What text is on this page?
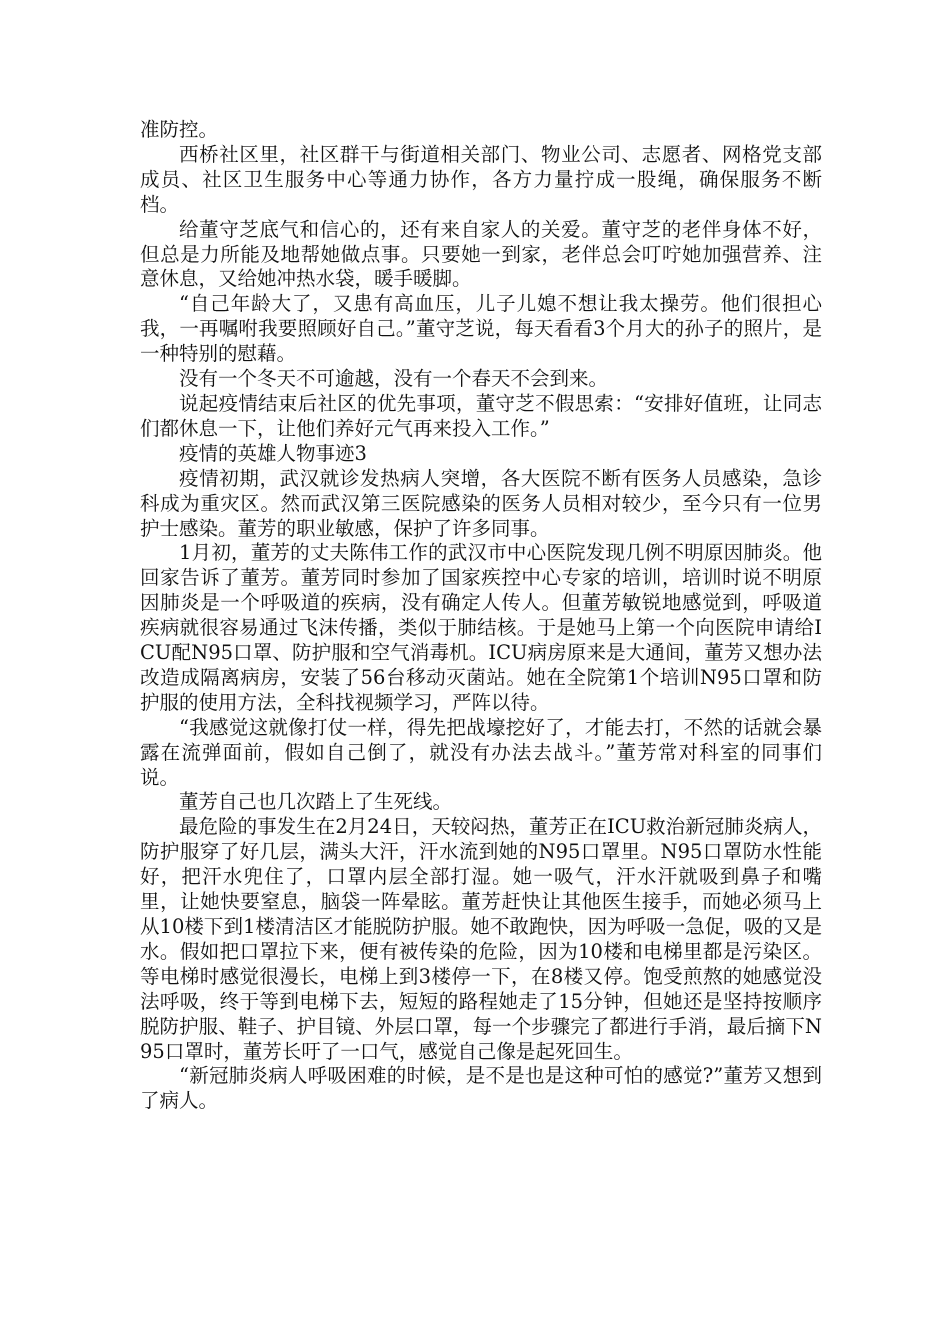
准防控。

西桥社区里，社区群干与街道相关部门、物业公司、志愿者、网格党支部成员、社区卫生服务中心等通力协作，各方力量拧成一股绳，确保服务不断档。

给董守芝底气和信心的，还有来自家人的关爱。董守芝的老伴身体不好，但总是力所能及地帮她做点事。只要她一到家，老伴总会叮咛她加强营养、注意休息，又给她冲热水袋，暖手暖脚。

“自己年龄大了，又患有高血压，儿子儿媳不想让我太操劳。他们很担心我，一再嘱咐我要照顾好自己。”董守芝说，每天看看3个月大的孙子的照片，是一种特别的慰藉。

没有一个冬天不可逾越，没有一个春天不会到来。

说起疫情结束后社区的优先事项，董守芝不假思索：“安排好值班，让同志们都休息一下，让他们养好元气再来投入工作。”

疫情的英雄人物事迹3

疫情初期，武汉就诊发热病人突增，各大医院不断有医务人员感染，急诊科成为重灾区。然而武汉第三医院感染的医务人员相对较少，至今只有一位男护士感染。董芳的职业敏感，保护了许多同事。

1月初，董芳的丈夫陈伟工作的武汉市中心医院发现几例不明原因肺炎。他回家告诉了董芳。董芳同时参加了国家疾控中心专家的培训，培训时说不明原因肺炎是一个呼吸道的疾病，没有确定人传人。但董芳敏锐地感觉到，呼吸道疾病就很容易通过飞沫传播，类似于肺结核。于是她马上第一个向医院申请给ICU配N95口罩、防护服和空气消毒机。ICU病房原来是大通间，董芳又想办法改造成隔离病房，安装了56台移动灭菌站。她在全院第1个培训N95口罩和防护服的使用方法，全科找视频学习，严阵以待。

“我感觉这就像打仗一样，得先把战壕挖好了，才能去打，不然的话就会暴露在流弹面前，假如自己倒了，就没有办法去战斗。”董芳常对科室的同事们说。

董芳自己也几次踏上了生死线。

最危险的事发生在2月24日，天较闷热，董芳正在ICU救治新冠肺炎病人，防护服穿了好几层，满头大汗，汗水流到她的N95口罩里。N95口罩防水性能好，把汗水兜住了，口罩内层全部打湿。她一吸气，汗水汗就吸到鼻子和嘴里，让她快要窒息，脑袋一阵晕眩。董芳赶快让其他医生接手，而她必须马上从10楼下到1楼清洁区才能脱防护服。她不敢跑快，因为呼吸一急促，吸的又是水。假如把口罩拉下来，便有被传染的危险，因为10楼和电梯里都是污染区。等电梯时感觉很漫长，电梯上到3楼停一下，在8楼又停。饱受煎熬的她感觉没法呼吸，终于等到电梯下去，短短的路程她走了15分钟，但她还是坚持按顺序脱防护服、鞋子、护目镜、外层口罩，每一个步骤完了都进行手消，最后摘下N95口罩时，董芳长吁了一口气，感觉自己像是起死回生。

“新冠肺炎病人呼吸困难的时候，是不是也是这种可怕的感觉?”董芳又想到了病人。
